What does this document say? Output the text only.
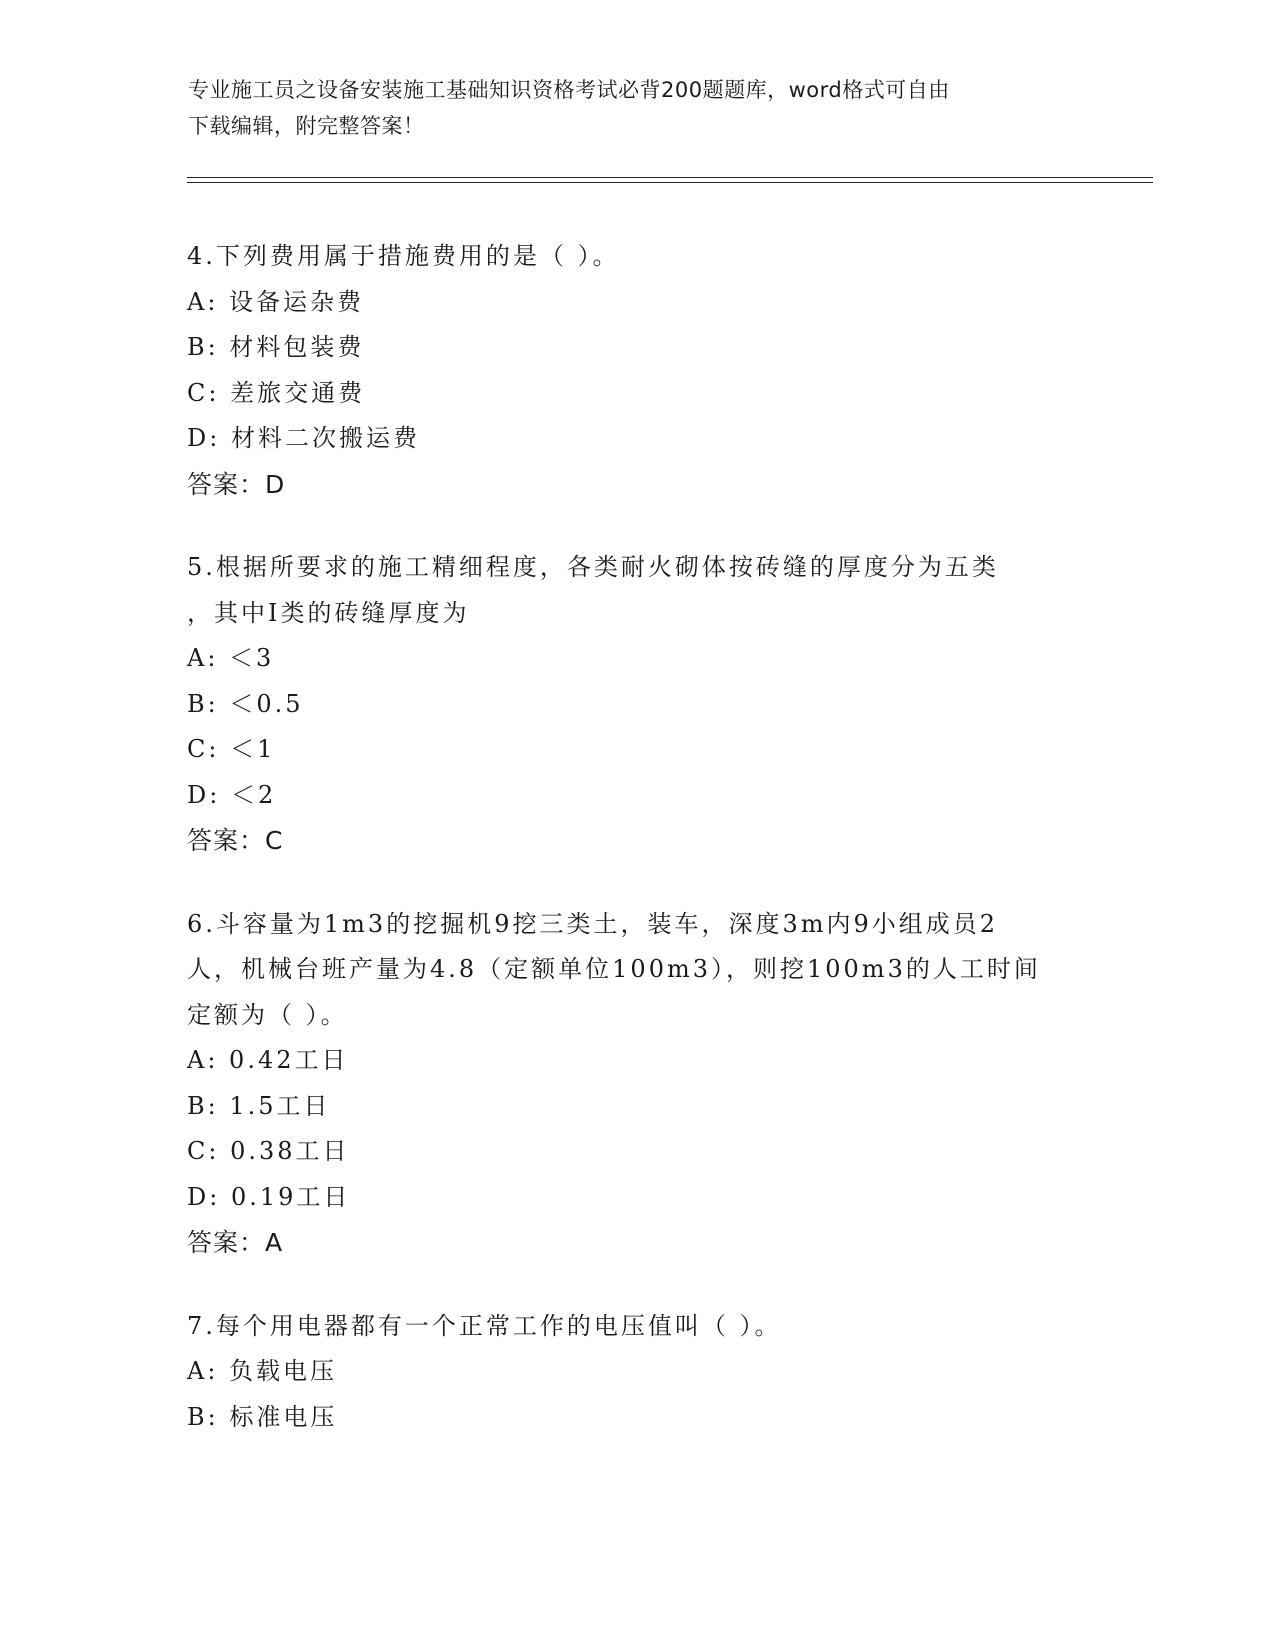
专业施工员之设备安装施工基础知识资格考试必背200题题库，word格式可自由
下载编辑，附完整答案！
4.下列费用属于措施费用的是（ ）。
A: 设备运杂费
B: 材料包装费
C: 差旅交通费
D: 材料二次搬运费
答案：D
5.根据所要求的施工精细程度，各类耐火砌体按砖缝的厚度分为五类
，其中Ⅰ类的砖缝厚度为
A: ＜3
B: ＜0.5
C: ＜1
D: ＜2
答案：C
6.斗容量为1m3的挖掘机9挖三类土，装车，深度3m内9小组成员2
人，机械台班产量为4.8（定额单位100m3），则挖100m3的人工时间
定额为（ ）。
A: 0.42工日
B: 1.5工日
C: 0.38工日
D: 0.19工日
答案：A
7.每个用电器都有一个正常工作的电压值叫（ ）。
A: 负载电压
B: 标准电压
